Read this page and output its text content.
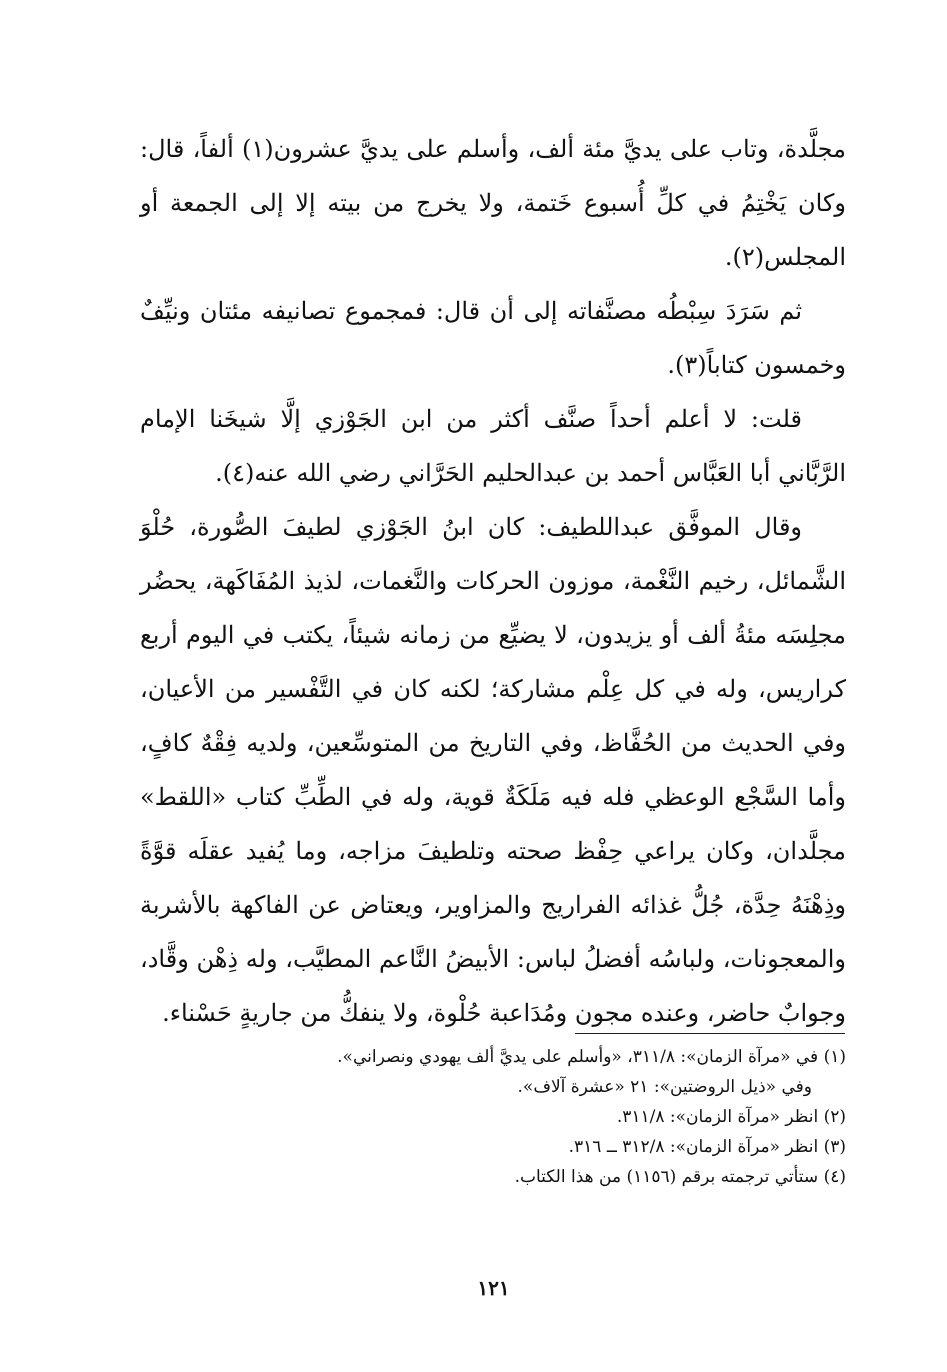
مجلَّدة، وتاب على يديَّ مئة ألف، وأسلم على يديَّ عشرون(١) ألفاً، قال: وكان يَخْتِمُ في كلِّ أُسبوع خَتمة، ولا يخرج من بيته إلا إلى الجمعة أو المجلس(٢).

ثم سَرَدَ سِبْطُه مصنَّفاته إلى أن قال: فمجموع تصانيفه مئتان ونيِّفٌ وخمسون كتاباً(٣).

قلت: لا أعلم أحداً صنَّف أكثر من ابن الجَوْزي إلَّا شيخَنا الإمام الرَّبَّاني أبا العَبَّاس أحمد بن عبدالحليم الحَرَّاني رضي الله عنه(٤).

وقال الموفَّق عبداللطيف: كان ابنُ الجَوْزي لطيفَ الصُّورة، حُلْوَ الشَّمائل، رخيم النَّغْمة، موزون الحركات والنَّغمات، لذيذ المُفَاكَهة، يحضُر مجلِسَه مئةُ ألف أو يزيدون، لا يضيِّع من زمانه شيئاً، يكتب في اليوم أربع كراريس، وله في كل عِلْم مشاركة؛ لكنه كان في التَّفْسير من الأعيان، وفي الحديث من الحُفَّاظ، وفي التاريخ من المتوسِّعين، ولديه فِقْهٌ كافٍ، وأما السَّجْع الوعظي فله فيه مَلَكَةٌ قوية، وله في الطِّبِّ كتاب «اللقط» مجلَّدان، وكان يراعي حِفْظ صحته وتلطيفَ مزاجه، وما يُفيد عقلَه قوَّةً وذِهْنَهُ حِدَّة، جُلُّ غذائه الفراريج والمزاوير، ويعتاض عن الفاكهة بالأشربة والمعجونات، ولباسُه أفضلُ لباس: الأبيضُ النَّاعم المطيَّب، وله ذِهْن وقَّاد، وجوابٌ حاضر، وعنده مجون ومُدَاعبة حُلْوة، ولا ينفكُّ من جاريةٍ حَسْناء.

(١) في «مرآة الزمان»: ٣١١/٨، «وأسلم على يديَّ ألف يهودي ونصراني».

وفي «ذيل الروضتين»: ٢١ «عشرة آلاف».

(٢) انظر «مرآة الزمان»: ٣١١/٨.

(٣) انظر «مرآة الزمان»: ٣١٢/٨ ــ ٣١٦.

(٤) ستأتي ترجمته برقم (١١٥٦) من هذا الكتاب.

١٢١
